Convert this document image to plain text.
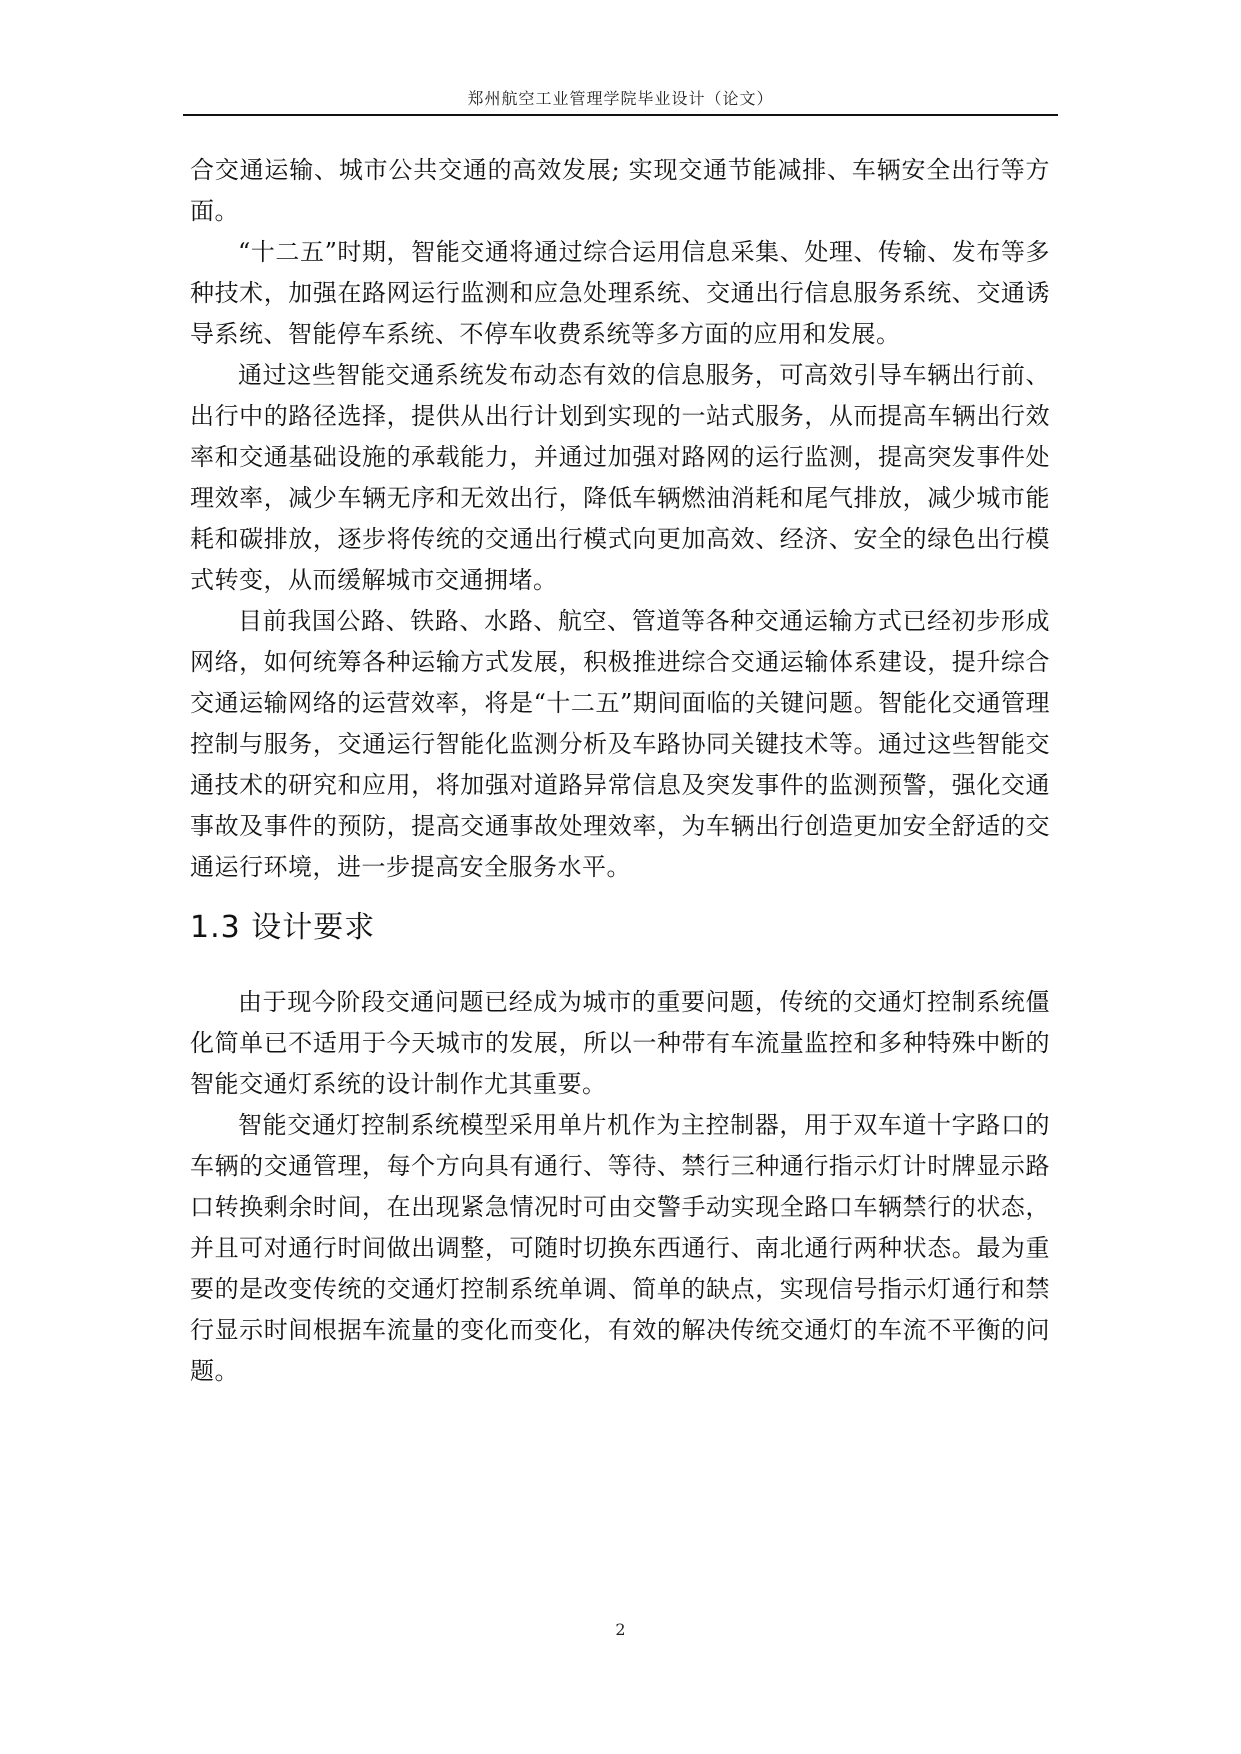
郑州航空工业管理学院毕业设计（论文）

合交通运输、城市公共交通的高效发展; 实现交通节能减排、车辆安全出行等方面。

“十二五”时期，智能交通将通过综合运用信息采集、处理、传输、发布等多种技术，加强在路网运行监测和应急处理系统、交通出行信息服务系统、交通诱导系统、智能停车系统、不停车收费系统等多方面的应用和发展。

通过这些智能交通系统发布动态有效的信息服务，可高效引导车辆出行前、出行中的路径选择，提供从出行计划到实现的一站式服务，从而提高车辆出行效率和交通基础设施的承载能力，并通过加强对路网的运行监测，提高突发事件处理效率，减少车辆无序和无效出行，降低车辆燃油消耗和尾气排放，减少城市能耗和碳排放，逐步将传统的交通出行模式向更加高效、经济、安全的绿色出行模式转变，从而缓解城市交通拥堵。

目前我国公路、铁路、水路、航空、管道等各种交通运输方式已经初步形成网络，如何统筹各种运输方式发展，积极推进综合交通运输体系建设，提升综合交通运输网络的运营效率，将是“十二五”期间面临的关键问题。智能化交通管理控制与服务，交通运行智能化监测分析及车路协同关键技术等。通过这些智能交通技术的研究和应用，将加强对道路异常信息及突发事件的监测预警，强化交通事故及事件的预防，提高交通事故处理效率，为车辆出行创造更加安全舒适的交通运行环境，进一步提高安全服务水平。

1.3 设计要求

由于现今阶段交通问题已经成为城市的重要问题，传统的交通灯控制系统僵化简单已不适用于今天城市的发展，所以一种带有车流量监控和多种特殊中断的智能交通灯系统的设计制作尤其重要。

智能交通灯控制系统模型采用单片机作为主控制器，用于双车道十字路口的车辆的交通管理，每个方向具有通行、等待、禁行三种通行指示灯计时牌显示路口转换剩余时间，在出现紧急情况时可由交警手动实现全路口车辆禁行的状态，并且可对通行时间做出调整，可随时切换东西通行、南北通行两种状态。最为重要的是改变传统的交通灯控制系统单调、简单的缺点，实现信号指示灯通行和禁行显示时间根据车流量的变化而变化，有效的解决传统交通灯的车流不平衡的问题。

2
